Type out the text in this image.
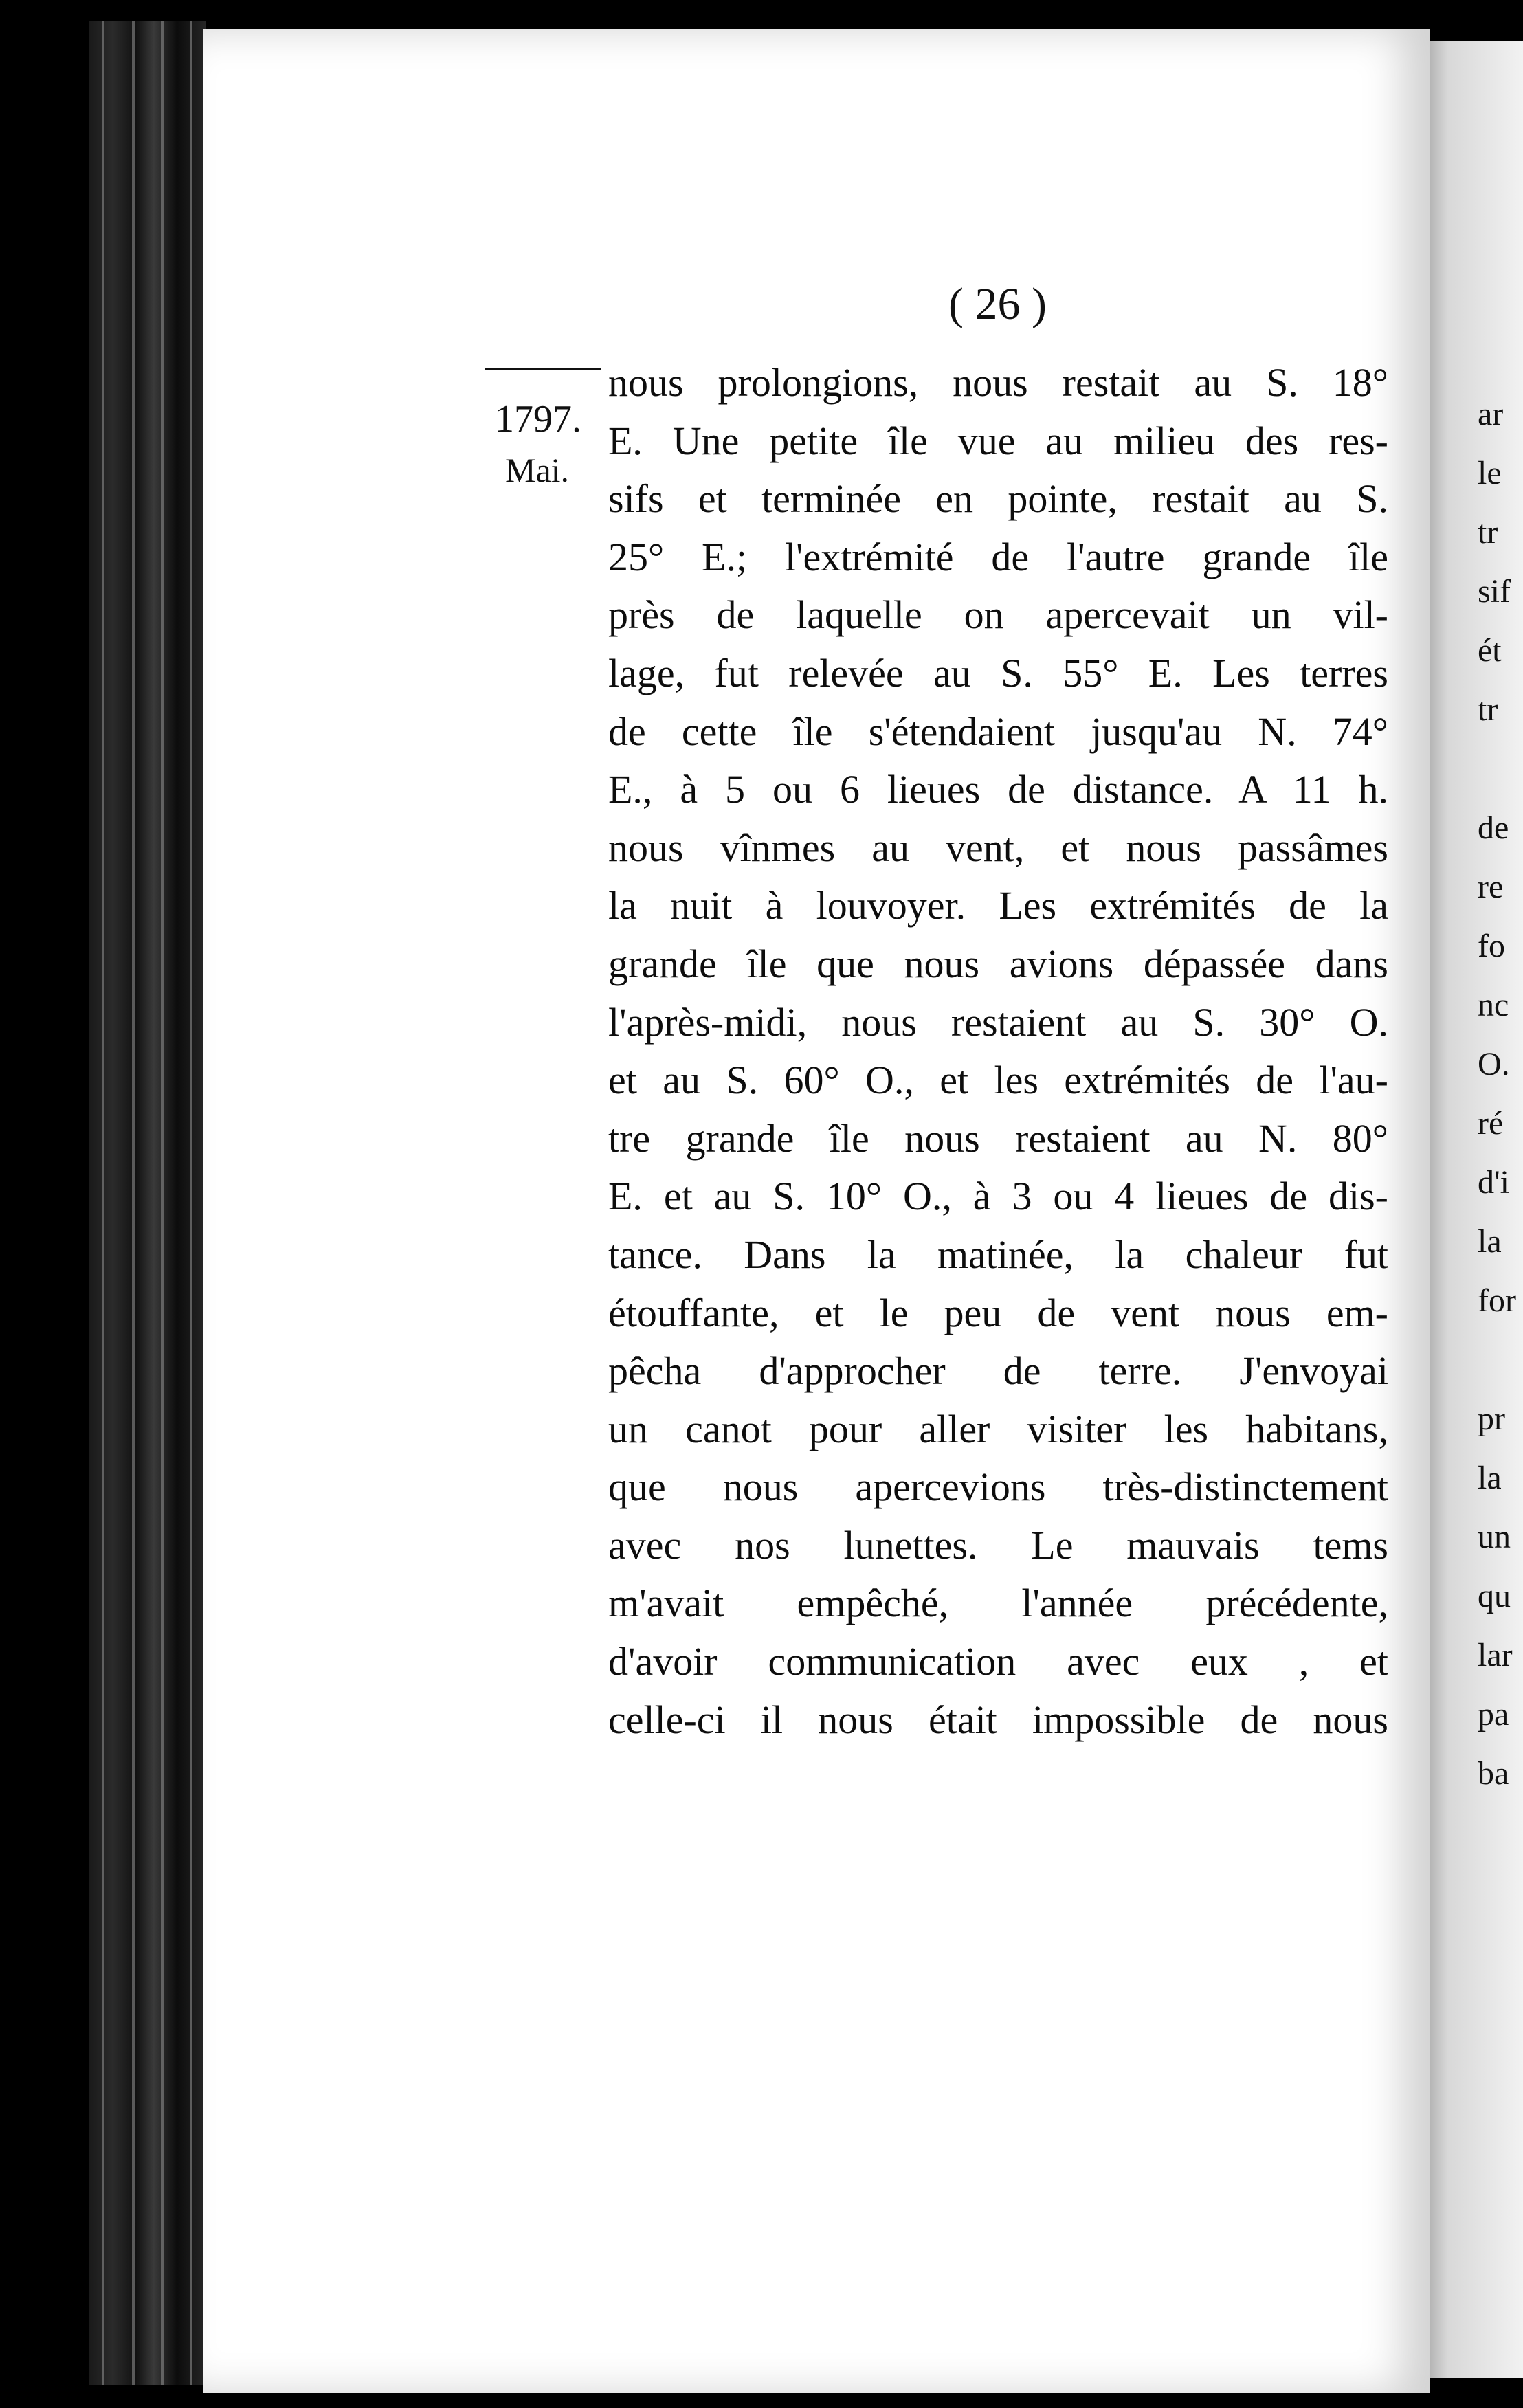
ar
le
tr
sif
ét
tr
de
re
fo
nc
O.
ré
d'i
la
for
pr
la
un
qu
lar
pa
ba
( 26 )
1797.
Mai.
nous prolongions, nous restait au S. 18°
E. Une petite île vue au milieu des res-
sifs et terminée en pointe, restait au S.
25° E.; l'extrémité de l'autre grande île
près de laquelle on apercevait un vil-
lage, fut relevée au S. 55° E. Les terres
de cette île s'étendaient jusqu'au N. 74°
E., à 5 ou 6 lieues de distance. A 11 h.
nous vînmes au vent, et nous passâmes
la nuit à louvoyer. Les extrémités de la
grande île que nous avions dépassée dans
l'après-midi, nous restaient au S. 30° O.
et au S. 60° O., et les extrémités de l'au-
tre grande île nous restaient au N. 80°
E. et au S. 10° O., à 3 ou 4 lieues de dis-
tance. Dans la matinée, la chaleur fut
étouffante, et le peu de vent nous em-
pêcha d'approcher de terre. J'envoyai
un canot pour aller visiter les habitans,
que nous apercevions très-distinctement
avec nos lunettes. Le mauvais tems
m'avait empêché, l'année précédente,
d'avoir communication avec eux , et
celle-ci il nous était impossible de nous
